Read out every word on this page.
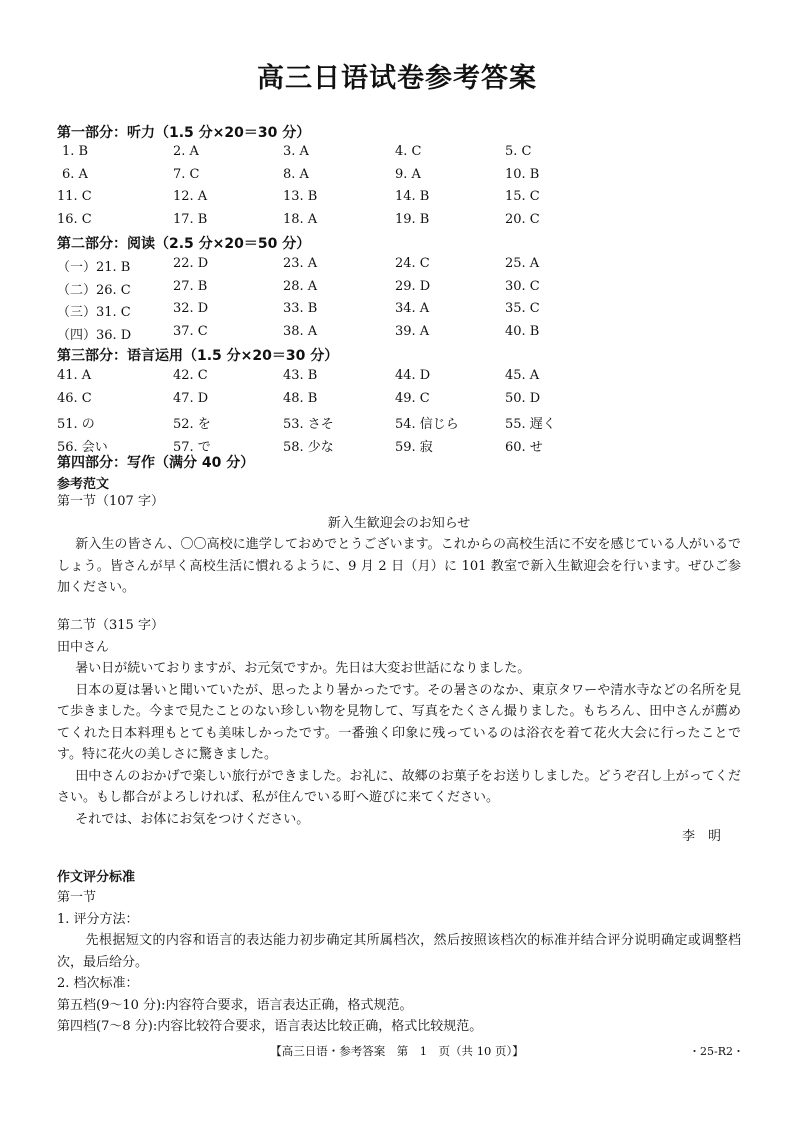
高三日语试卷参考答案
第一部分：听力（1.5 分×20＝30 分）
1. B	2. A	3. A	4. C	5. C
6. A	7. C	8. A	9. A	10. B
11. C	12. A	13. B	14. B	15. C
16. C	17. B	18. A	19. B	20. C
第二部分：阅读（2.5 分×20＝50 分）
（一）21. B	22. D	23. A	24. C	25. A
（二）26. C	27. B	28. A	29. D	30. C
（三）31. C	32. D	33. B	34. A	35. C
（四）36. D	37. C	38. A	39. A	40. B
第三部分：语言运用（1.5 分×20＝30 分）
41. A	42. C	43. B	44. D	45. A
46. C	47. D	48. B	49. C	50. D
51. の	52. を	53. さそ	54. 信じら	55. 遅く
56. 会い	57. で	58. 少な	59. 寂	60. せ
第四部分：写作（满分 40 分）
参考范文

第一节（107 字）

新入生歓迎会のお知らせ

新入生の皆さん、〇〇高校に進学しておめでとうございます。これからの高校生活に不安を感じている人がいるでしょう。皆さんが早く高校生活に慣れるように、9 月 2 日（月）に 101 教室で新入生歓迎会を行います。ぜひご参加ください。

第二节（315 字）

田中さん

暑い日が続いておりますが、お元気ですか。先日は大変お世話になりました。

日本の夏は暑いと聞いていたが、思ったより暑かったです。その暑さのなか、東京タワーや清水寺などの名所を見て歩きました。今まで見たことのない珍しい物を見物して、写真をたくさん撮りました。もちろん、田中さんが薦めてくれた日本料理もとても美味しかったです。一番強く印象に残っているのは浴衣を着て花火大会に行ったことです。特に花火の美しさに驚きました。

田中さんのおかげで楽しい旅行ができました。お礼に、故郷のお菓子をお送りしました。どうぞ召し上がってください。もし都合がよろしければ、私が住んでいる町へ遊びに来てください。

それでは、お体にお気をつけください。

李　明
作文评分标准

第一节

1. 评分方法：

先根据短文的内容和语言的表达能力初步确定其所属档次，然后按照该档次的标准并结合评分说明确定或调整档次，最后给分。

2. 档次标准：

第五档(9～10 分):内容符合要求，语言表达正确，格式规范。

第四档(7～8 分):内容比较符合要求，语言表达比较正确，格式比较规范。

【高三日语・参考答案　第　1　页（共 10 页）】	・25-R2・
